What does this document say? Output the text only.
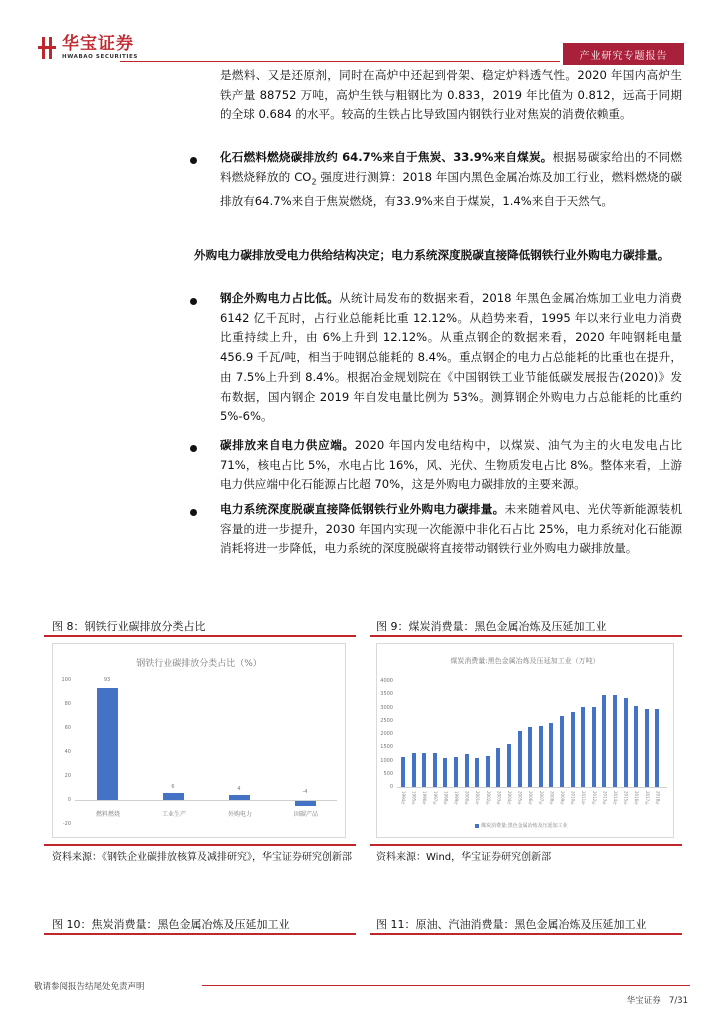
华宝证券
HWABAO SECURITIES	产业研究专题报告
是燃料、又是还原剂，同时在高炉中还起到骨架、稳定炉料透气性。2020 年国内高炉生铁产量 88752 万吨，高炉生铁与粗钢比为 0.833，2019 年比值为 0.812，远高于同期的全球 0.684 的水平。较高的生铁占比导致国内钢铁行业对焦炭的消费依赖重。
化石燃料燃烧碳排放约 64.7%来自于焦炭、33.9%来自煤炭。根据易碳家给出的不同燃料燃烧释放的 $CO_2$ 强度进行测算：2018 年国内黑色金属冶炼及加工行业，燃料燃烧的碳排放有64.7%来自于焦炭燃烧，有33.9%来自于煤炭，1.4%来自于天然气。
外购电力碳排放受电力供给结构决定；电力系统深度脱碳直接降低钢铁行业外购电力碳排量。
钢企外购电力占比低。从统计局发布的数据来看，2018 年黑色金属冶炼加工业电力消费 6142 亿千瓦时，占行业总能耗比重 12.12%。从趋势来看，1995 年以来行业电力消费比重持续上升，由 6%上升到 12.12%。从重点钢企的数据来看，2020 年吨钢耗电量 456.9 千瓦/吨，相当于吨钢总能耗的 8.4%。重点钢企的电力占总能耗的比重也在提升，由 7.5%上升到 8.4%。根据冶金规划院在《中国钢铁工业节能低碳发展报告(2020)》发布数据，国内钢企 2019 年自发电量比例为 53%。测算钢企外购电力占总能耗的比重约 5%-6%。
碳排放来自电力供应端。2020 年国内发电结构中，以煤炭、油气为主的火电发电占比 71%，核电占比 5%，水电占比 16%，风、光伏、生物质发电占比 8%。整体来看，上游电力供应端中化石能源占比超 70%，这是外购电力碳排放的主要来源。
电力系统深度脱碳直接降低钢铁行业外购电力碳排量。未来随着风电、光伏等新能源装机容量的进一步提升，2030 年国内实现一次能源中非化石占比 25%，电力系统对化石能源消耗将进一步降低，电力系统的深度脱碳将直接带动钢铁行业外购电力碳排放量。
图 8：钢铁行业碳排放分类占比
钢铁行业碳排放分类占比（%）
100
80
60
40
20
0
-20
93
6	4	-4
燃料燃烧	工业生产	外购电力	固碳产品
图 9：煤炭消费量：黑色金属冶炼及压延加工业
煤炭消费量:黑色金属冶炼及压延加工业（万吨）
4000
3500
3000
2500
2000
1500
1000
500
0
1994年 1995年 1996年 1997年 1998年 1999年 2000年 2001年 2002年 2003年 2004年 2005年 2006年 2007年 2008年 2009年 2010年 2011年 2012年 2013年 2014年 2015年 2016年 2017年 2018年
煤炭消费量:黑色金属冶炼及压延加工业
资料来源：《钢铁企业碳排放核算及减排研究》，华宝证券研究创新部 资料来源：Wind，华宝证券研究创新部
图 10：焦炭消费量：黑色金属冶炼及压延加工业	图 11：原油、汽油消费量：黑色金属冶炼及压延加工业
敬请参阅报告结尾处免责声明
华宝证券 7/31
